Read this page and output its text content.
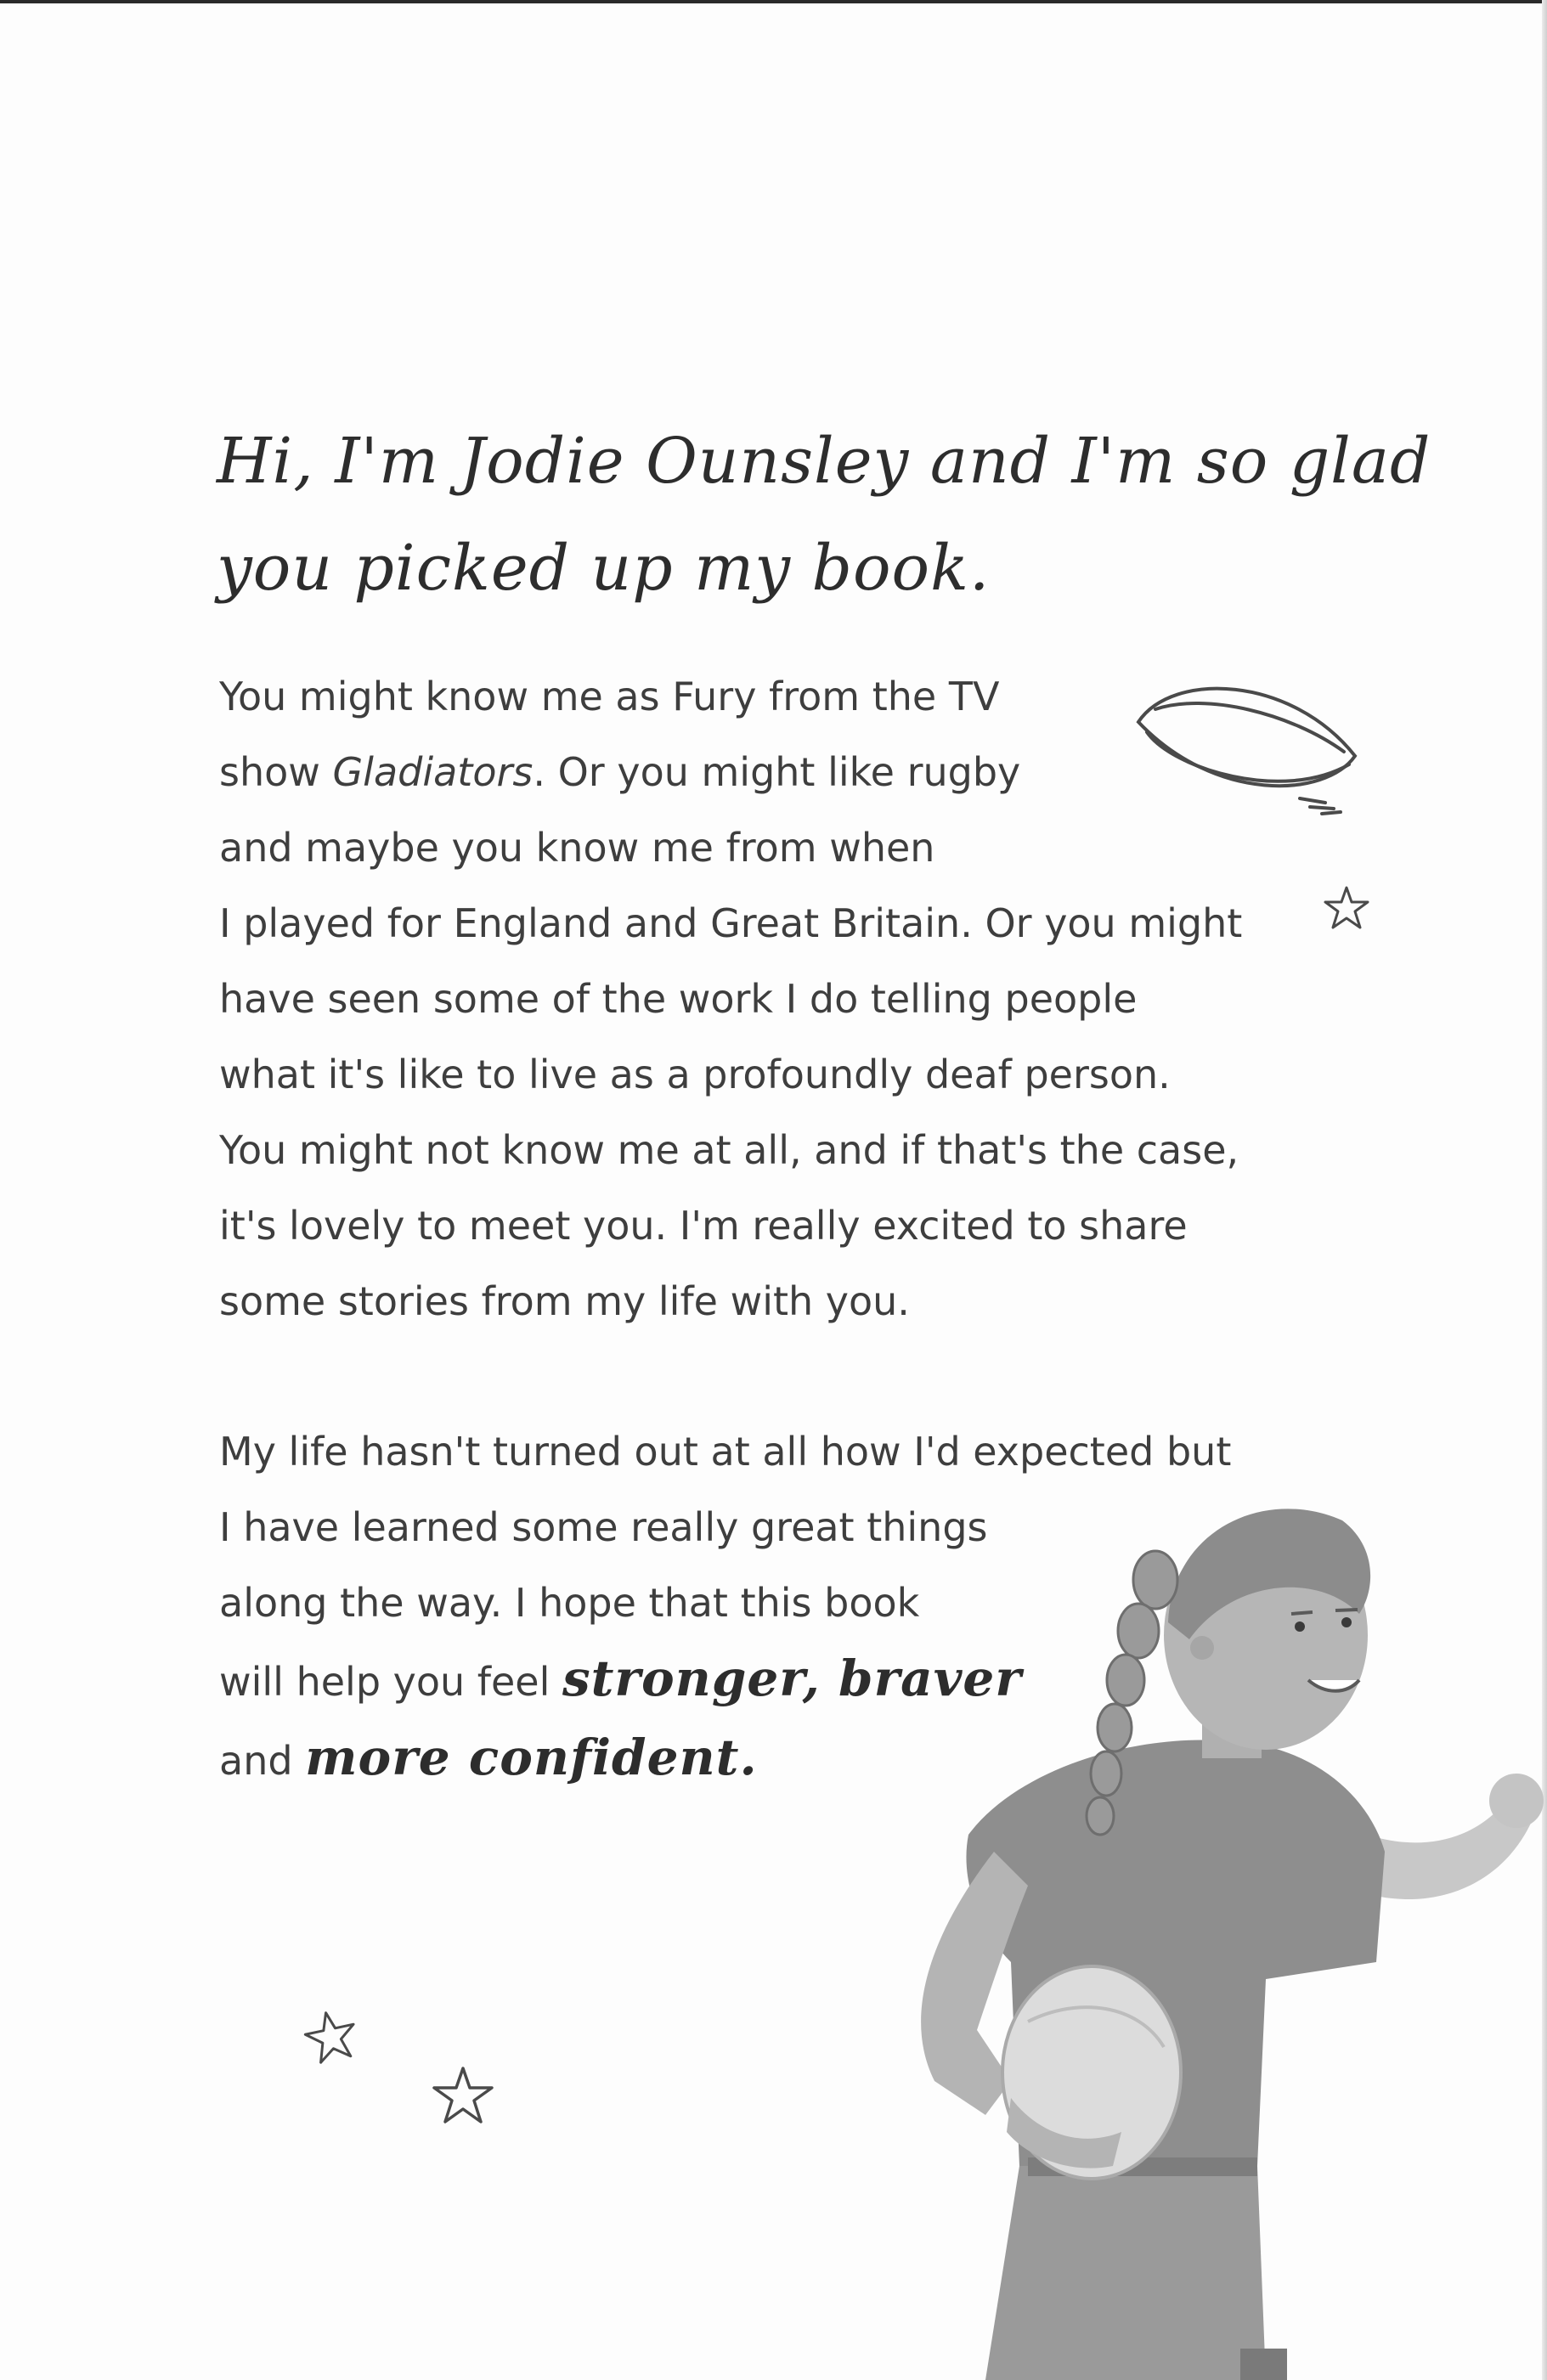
Hi, I'm Jodie Ounsley and I'm so glad
you picked up my book.
You might know me as Fury from the TV
show Gladiators. Or you might like rugby
and maybe you know me from when
I played for England and Great Britain. Or you might
have seen some of the work I do telling people
what it's like to live as a profoundly deaf person.
You might not know me at all, and if that's the case,
it's lovely to meet you. I'm really excited to share
some stories from my life with you.
My life hasn't turned out at all how I'd expected but
I have learned some really great things
along the way. I hope that this book
will help you feel stronger, braver
and more confident.
